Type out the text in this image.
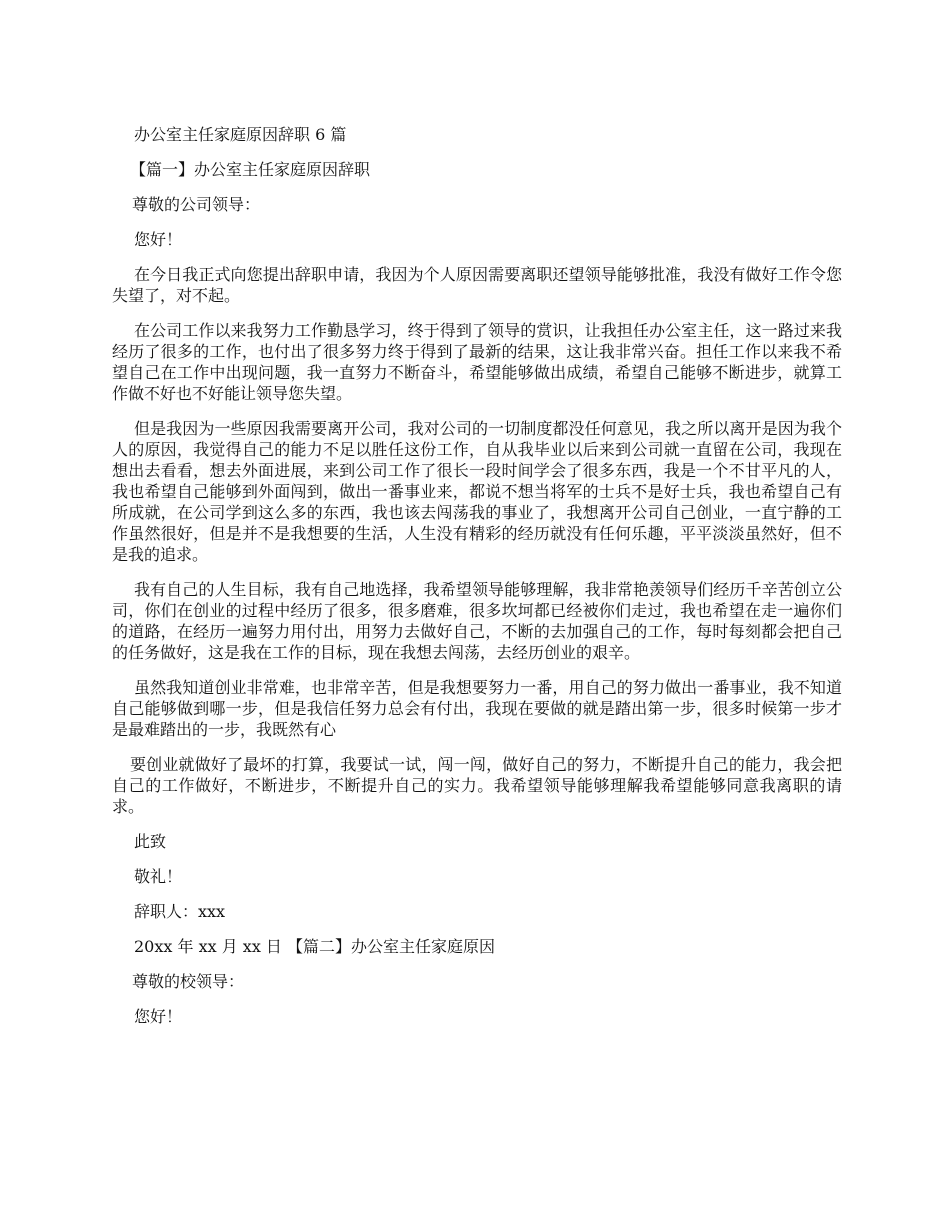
办公室主任家庭原因辞职 6 篇

【篇一】办公室主任家庭原因辞职

尊敬的公司领导：

您好！

在今日我正式向您提出辞职申请，我因为个人原因需要离职还望领导能够批准，我没有做好工作令您失望了，对不起。

在公司工作以来我努力工作勤恳学习，终于得到了领导的赏识，让我担任办公室主任，这一路过来我经历了很多的工作，也付出了很多努力终于得到了最新的结果，这让我非常兴奋。担任工作以来我不希望自己在工作中出现问题，我一直努力不断奋斗，希望能够做出成绩，希望自己能够不断进步，就算工作做不好也不好能让领导您失望。

但是我因为一些原因我需要离开公司，我对公司的一切制度都没任何意见，我之所以离开是因为我个人的原因，我觉得自己的能力不足以胜任这份工作，自从我毕业以后来到公司就一直留在公司，我现在想出去看看，想去外面进展，来到公司工作了很长一段时间学会了很多东西，我是一个不甘平凡的人，我也希望自己能够到外面闯到，做出一番事业来，都说不想当将军的士兵不是好士兵，我也希望自己有所成就，在公司学到这么多的东西，我也该去闯荡我的事业了，我想离开公司自己创业，一直宁静的工作虽然很好，但是并不是我想要的生活，人生没有精彩的经历就没有任何乐趣，平平淡淡虽然好，但不是我的追求。

我有自己的人生目标，我有自己地选择，我希望领导能够理解，我非常艳羡领导们经历千辛苦创立公司，你们在创业的过程中经历了很多，很多磨难，很多坎坷都已经被你们走过，我也希望在走一遍你们的道路，在经历一遍努力用付出，用努力去做好自己，不断的去加强自己的工作，每时每刻都会把自己的任务做好，这是我在工作的目标，现在我想去闯荡，去经历创业的艰辛。

虽然我知道创业非常难，也非常辛苦，但是我想要努力一番，用自己的努力做出一番事业，我不知道自己能够做到哪一步，但是我信任努力总会有付出，我现在要做的就是踏出第一步，很多时候第一步才是最难踏出的一步，我既然有心

要创业就做好了最坏的打算，我要试一试，闯一闯，做好自己的努力，不断提升自己的能力，我会把自己的工作做好，不断进步，不断提升自己的实力。我希望领导能够理解我希望能够同意我离职的请求。

此致

敬礼！

辞职人：xxx

20xx 年 xx 月 xx 日 【篇二】办公室主任家庭原因

尊敬的校领导：

您好！
